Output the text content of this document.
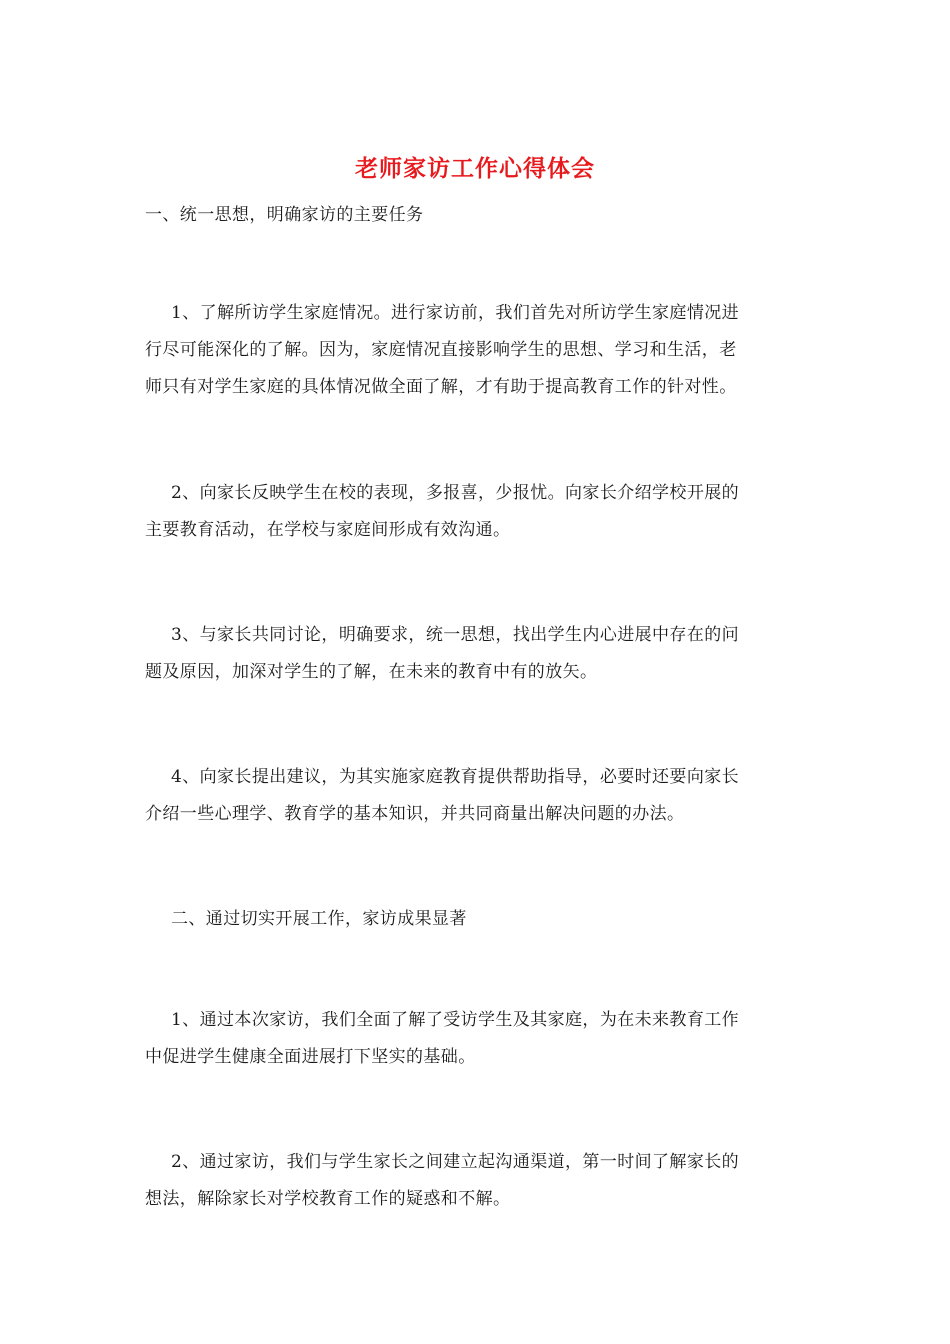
老师家访工作心得体会
一、统一思想，明确家访的主要任务
1、了解所访学生家庭情况。进行家访前，我们首先对所访学生家庭情况进
行尽可能深化的了解。因为，家庭情况直接影响学生的思想、学习和生活，老
师只有对学生家庭的具体情况做全面了解，才有助于提高教育工作的针对性。
2、向家长反映学生在校的表现，多报喜，少报忧。向家长介绍学校开展的
主要教育活动，在学校与家庭间形成有效沟通。
3、与家长共同讨论，明确要求，统一思想，找出学生内心进展中存在的问
题及原因，加深对学生的了解，在未来的教育中有的放矢。
4、向家长提出建议，为其实施家庭教育提供帮助指导，必要时还要向家长
介绍一些心理学、教育学的基本知识，并共同商量出解决问题的办法。
二、通过切实开展工作，家访成果显著
1、通过本次家访，我们全面了解了受访学生及其家庭，为在未来教育工作
中促进学生健康全面进展打下坚实的基础。
2、通过家访，我们与学生家长之间建立起沟通渠道，第一时间了解家长的
想法，解除家长对学校教育工作的疑惑和不解。
